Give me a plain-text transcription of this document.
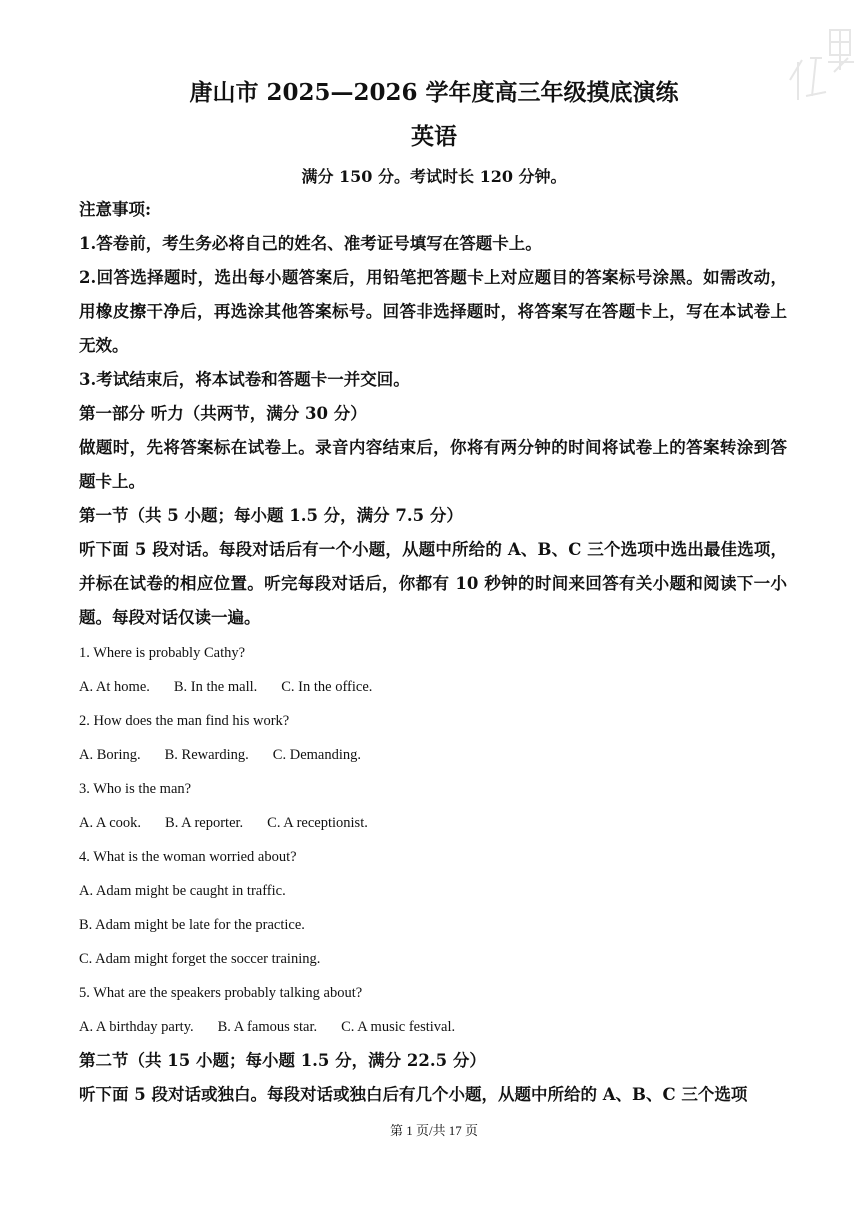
唐山市 2025—2026 学年度高三年级摸底演练
英语
满分 150 分。考试时长 120 分钟。
注意事项:
1.答卷前，考生务必将自己的姓名、准考证号填写在答题卡上。
2.回答选择题时，选出每小题答案后，用铅笔把答题卡上对应题目的答案标号涂黑。如需改动，用橡皮擦干净后，再选涂其他答案标号。回答非选择题时，将答案写在答题卡上，写在本试卷上无效。
3.考试结束后，将本试卷和答题卡一并交回。
第一部分 听力（共两节，满分 30 分）
做题时，先将答案标在试卷上。录音内容结束后，你将有两分钟的时间将试卷上的答案转涂到答题卡上。
第一节（共 5 小题；每小题 1.5 分，满分 7.5 分）
听下面 5 段对话。每段对话后有一个小题，从题中所给的 A、B、C 三个选项中选出最佳选项，并标在试卷的相应位置。听完每段对话后，你都有 10 秒钟的时间来回答有关小题和阅读下一小题。每段对话仅读一遍。
1. Where is probably Cathy?
A. At home. B. In the mall. C. In the office.
2. How does the man find his work?
A. Boring. B. Rewarding. C. Demanding.
3. Who is the man?
A. A cook. B. A reporter. C. A receptionist.
4. What is the woman worried about?
A. Adam might be caught in traffic.
B. Adam might be late for the practice.
C. Adam might forget the soccer training.
5. What are the speakers probably talking about?
A. A birthday party. B. A famous star. C. A music festival.
第二节（共 15 小题；每小题 1.5 分，满分 22.5 分）
听下面 5 段对话或独白。每段对话或独白后有几个小题，从题中所给的 A、B、C 三个选项
第 1 页/共 17 页
